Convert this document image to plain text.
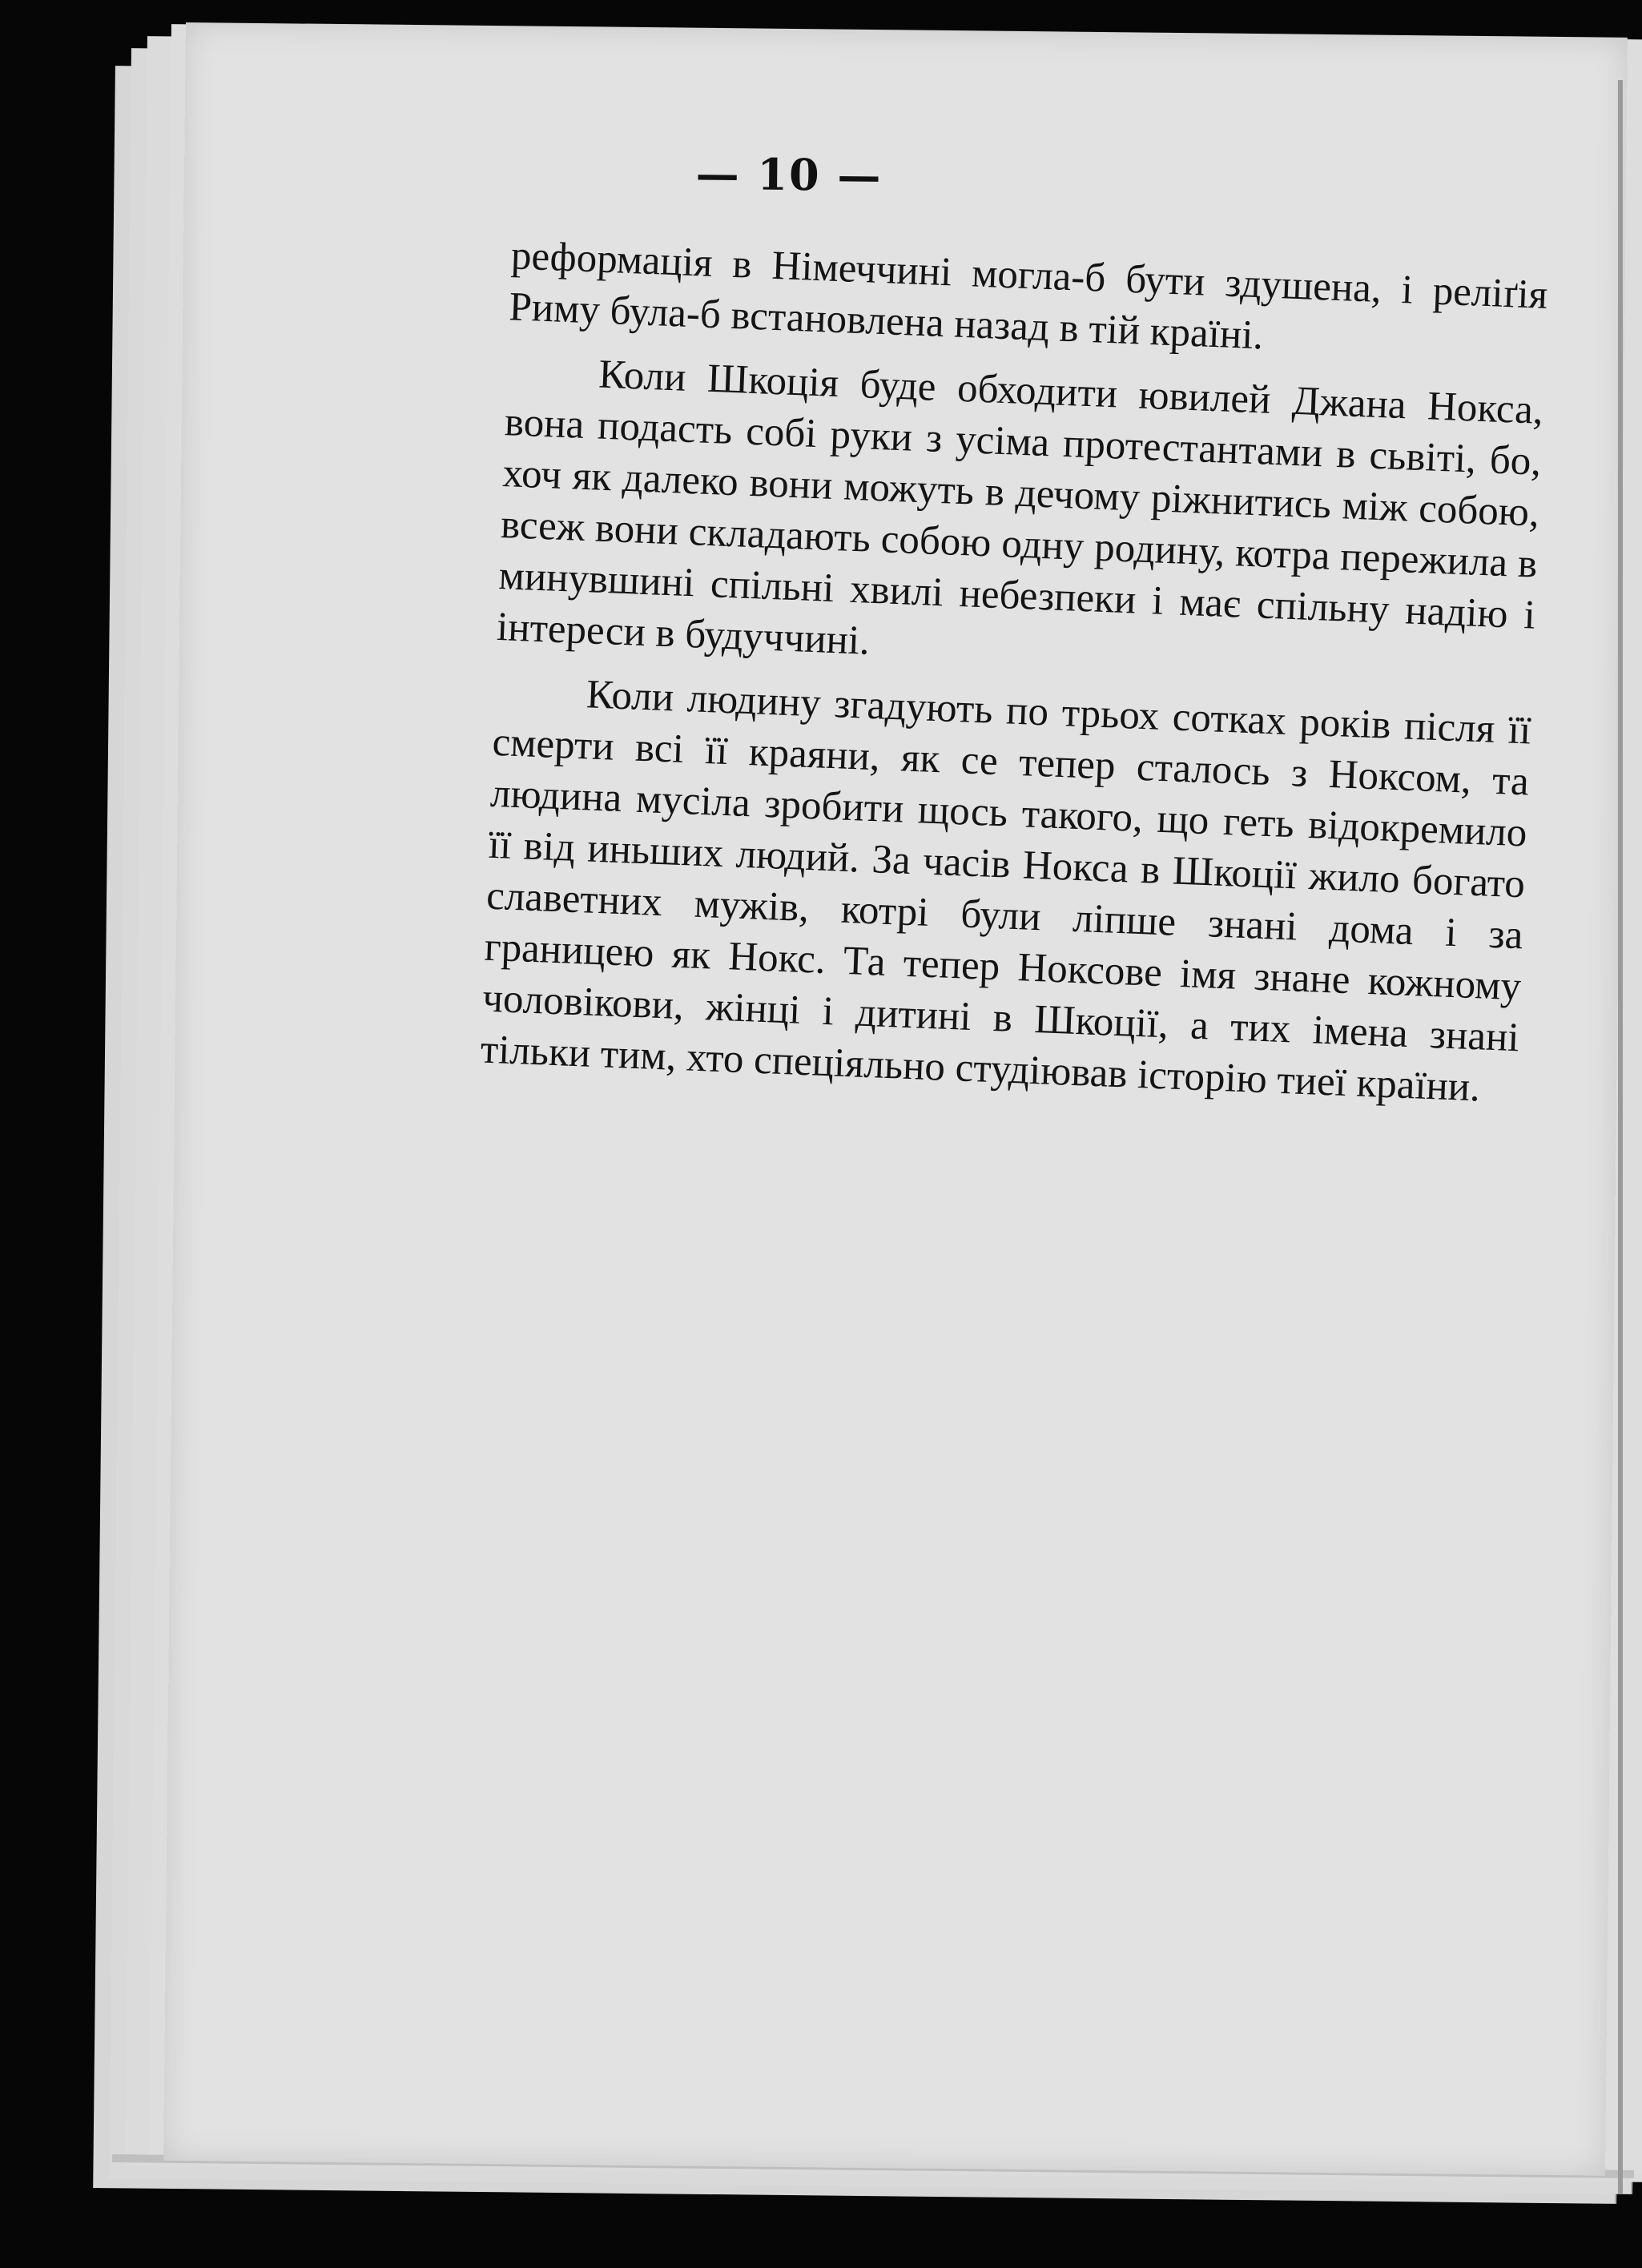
— 10 —

реформація в Німеччині могла-б бути здушена, і реліґія Риму була-б встановлена назад в тій країні.

Коли Шкоція буде обходити ювилей Джана Нокса, вона подасть собі руки з усіма протестантами в сьвіті, бо, хоч як далеко вони можуть в дечому ріжнитись між собою, всеж вони складають собою одну родину, котра пережила в минувшині спільні хвилі небезпеки і має спільну надію і інтереси в будуччині.

Коли людину згадують по трьох сотках років після її смерти всі її краяни, як се тепер сталось з Ноксом, та людина мусіла зробити щось такого, що геть відокремило її від иньших людий. За часів Нокса в Шкоції жило богато славетних мужів, котрі були ліпше знані дома і за границею як Нокс. Та тепер Ноксове імя знане кожному чоловікови, жінці і дитині в Шкоції, а тих імена знані тільки тим, хто спеціяльно студіював історію тиеї країни.
